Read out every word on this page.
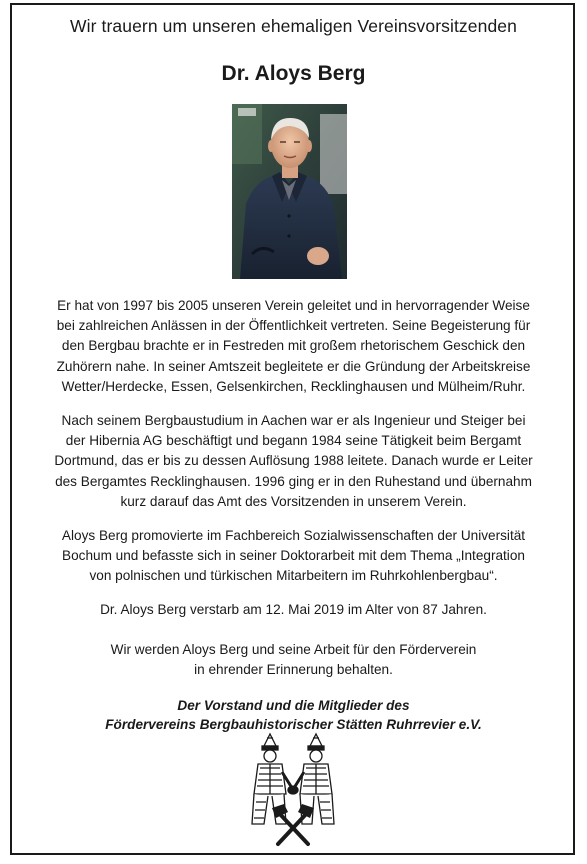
Wir trauern um unseren ehemaligen Vereinsvorsitzenden
Dr. Aloys Berg
Er hat von 1997 bis 2005 unseren Verein geleitet und in hervorragender Weise
bei zahlreichen Anlässen in der Öffentlichkeit vertreten. Seine Begeisterung für
den Bergbau brachte er in Festreden mit großem rhetorischem Geschick den
Zuhörern nahe. In seiner Amtszeit begleitete er die Gründung der Arbeitskreise
Wetter/Herdecke, Essen, Gelsenkirchen, Recklinghausen und Mülheim/Ruhr.
Nach seinem Bergbaustudium in Aachen war er als Ingenieur und Steiger bei
der Hibernia AG beschäftigt und begann 1984 seine Tätigkeit beim Bergamt
Dortmund, das er bis zu dessen Auflösung 1988 leitete. Danach wurde er Leiter
des Bergamtes Recklinghausen. 1996 ging er in den Ruhestand und übernahm
kurz darauf das Amt des Vorsitzenden in unserem Verein.
Aloys Berg promovierte im Fachbereich Sozialwissenschaften der Universität
Bochum und befasste sich in seiner Doktorarbeit mit dem Thema „Integration
von polnischen und türkischen Mitarbeitern im Ruhrkohlenbergbau“.
Dr. Aloys Berg verstarb am 12. Mai 2019 im Alter von 87 Jahren.
Wir werden Aloys Berg und seine Arbeit für den Förderverein
in ehrender Erinnerung behalten.
Der Vorstand und die Mitglieder des
Fördervereins Bergbauhistorischer Stätten Ruhrrevier e.V.
